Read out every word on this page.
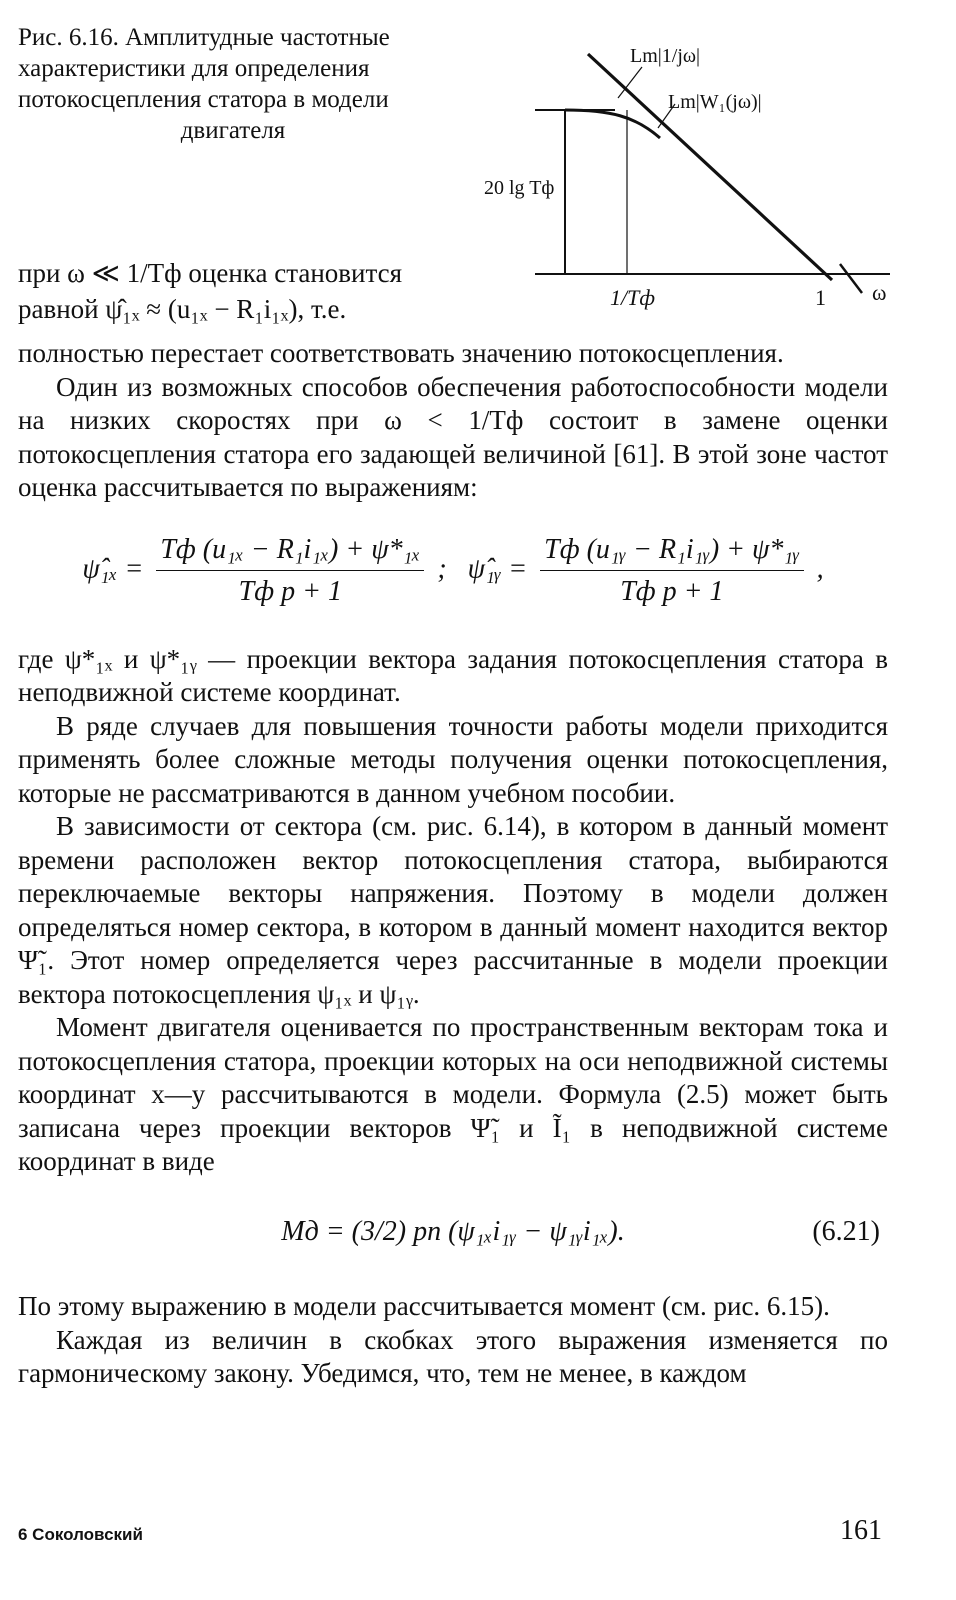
Рис. 6.16. Амплитудные частотные
характеристики для определения
потокосцепления статора в модели

двигателя
Lm|1/jω|
Lm|W₁(jω)|
20 lg Tф
1/Tф	1 ω
при ω ≪ 1/Tф оценка становится
равной ψ̂₁ₓ ≈ (u₁ₓ − R₁i₁ₓ), т.е.

полностью перестает соответствовать значению потокосцепления.

Один из возможных способов обеспечения работоспособности модели на низких скоростях при ω < 1/Tф состоит в замене оценки потокосцепления статора его задающей величиной [61]. В этой зоне частот оценка рассчитывается по выражениям:

ψ̂₁ₓ = $\frac{\text{Tф (u₁ₓ − R₁i₁ₓ) + ψ*₁ₓ}}{\text{Tф p + 1}}$ ; ψ̂₁ᵧ = $\frac{\text{Tф (u₁ᵧ − R₁i₁ᵧ) + ψ*₁ᵧ}}{\text{Tф p + 1}}$ ,

где ψ*₁ₓ и ψ*₁ᵧ — проекции вектора задания потокосцепления статора в неподвижной системе координат.

В ряде случаев для повышения точности работы модели приходится применять более сложные методы получения оценки потокосцепления, которые не рассматриваются в данном учебном пособии.

В зависимости от сектора (см. рис. 6.14), в котором в данный момент времени расположен вектор потокосцепления статора, выбираются переключаемые векторы напряжения. Поэтому в модели должен определяться номер сектора, в котором в данный момент находится вектор Ψ̃₁. Этот номер определяется через рассчитанные в модели проекции вектора потокосцепления ψ₁ₓ и ψ₁ᵧ.

Момент двигателя оценивается по пространственным векторам тока и потокосцепления статора, проекции которых на оси неподвижной системы координат x—y рассчитываются в модели. Формула (2.5) может быть записана через проекции векторов Ψ̃₁ и Ĩ₁ в неподвижной системе координат в виде

Mд = (3/2) pп (ψ₁ₓi₁ᵧ − ψ₁ᵧi₁ₓ).	(6.21)

По этому выражению в модели рассчитывается момент (см. рис. 6.15).

Каждая из величин в скобках этого выражения изменяется по гармоническому закону. Убедимся, что, тем не менее, в каждом

6 Соколовский	161
